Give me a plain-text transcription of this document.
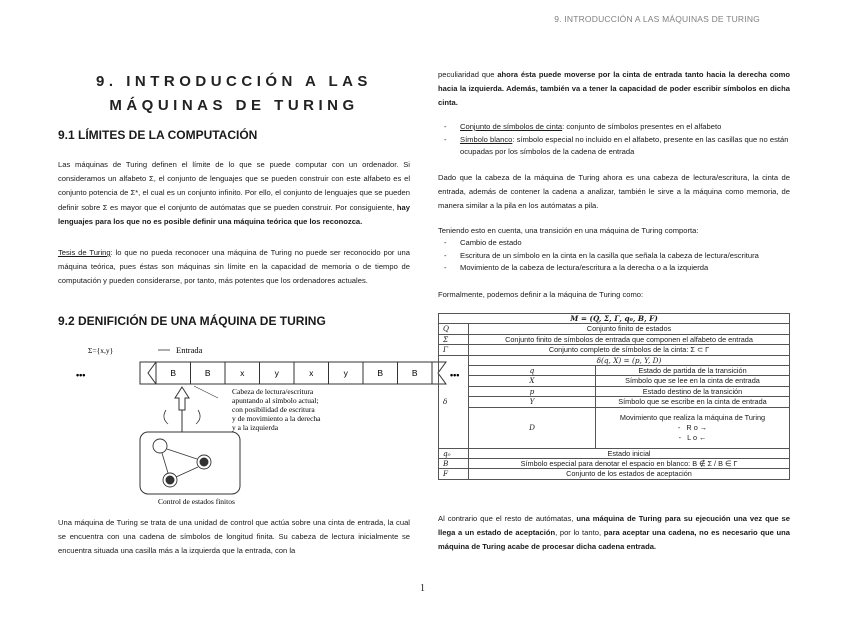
9. INTRODUCCIÓN A LAS MÁQUINAS DE TURING
9. INTRODUCCIÓN A LAS
MÁQUINAS DE TURING
9.1 LÍMITES DE LA COMPUTACIÓN
Las máquinas de Turing definen el límite de lo que se puede computar con un ordenador. Si consideramos un alfabeto Σ, el conjunto de lenguajes que se pueden construir con este alfabeto es el conjunto potencia de Σ*, el cual es un conjunto infinito. Por ello, el conjunto de lenguajes que se pueden definir sobre Σ es mayor que el conjunto de autómatas que se pueden construir. Por consiguiente, hay lenguajes para los que no es posible definir una máquina teórica que los reconozca.
Tesis de Turing: lo que no pueda reconocer una máquina de Turing no puede ser reconocido por una máquina teórica, pues éstas son máquinas sin límite en la capacidad de memoria o de tiempo de computación y pueden considerarse, por tanto, más potentes que los ordenadores actuales.
9.2 DENIFICIÓN DE UNA MÁQUINA DE TURING
Σ={x,y}	Entrada
B	B	x	y	x	y	B	B
•••	•••
Control de estados finitos
Cabeza de lectura/escritura apuntando al símbolo actual; con posibilidad de escritura y de movimiento a la derecha y a la izquierda
Una máquina de Turing se trata de una unidad de control que actúa sobre una cinta de entrada, la cual se encuentra con una cadena de símbolos de longitud finita. Su cabeza de lectura inicialmente se encuentra situada una casilla más a la izquierda que la entrada, con la
peculiaridad que ahora ésta puede moverse por la cinta de entrada tanto hacia la derecha como hacia la izquierda. Además, también va a tener la capacidad de poder escribir símbolos en dicha cinta.
- Conjunto de símbolos de cinta: conjunto de símbolos presentes en el alfabeto
- Símbolo blanco: símbolo especial no incluido en el alfabeto, presente en las casillas que no están ocupadas por los símbolos de la cadena de entrada
Dado que la cabeza de la máquina de Turing ahora es una cabeza de lectura/escritura, la cinta de entrada, además de contener la cadena a analizar, también le sirve a la máquina como memoria, de manera similar a la pila en los autómatas a pila.
Teniendo esto en cuenta, una transición en una máquina de Turing comporta:
- Cambio de estado
- Escritura de un símbolo en la cinta en la casilla que señala la cabeza de lectura/escritura
- Movimiento de la cabeza de lectura/escritura a la derecha o a la izquierda
Formalmente, podemos definir a la máquina de Turing como:
M = (Q, Σ, Γ, q₀, B, F)		
Q	Conjunto finito de estados	
Σ	Conjunto finito de símbolos de entrada que componen el alfabeto de entrada	
Γ	Conjunto completo de símbolos de la cinta: Σ ⊂ Γ	
δ	δ(q, X) = (p, Y, D)	
	q	Estado de partida de la transición
	X	Símbolo que se lee en la cinta de entrada
	p	Estado destino de la transición
	Y	Símbolo que se escribe en la cinta de entrada
	D	Movimiento que realiza la máquina de Turing
- R o →
- L o ←

q₀	Estado inicial	
B	Símbolo especial para denotar el espacio en blanco: B ∉ Σ / B ∈ Γ	
F	Conjunto de los estados de aceptación	
Al contrario que el resto de autómatas, una máquina de Turing para su ejecución una vez que se llega a un estado de aceptación, por lo tanto, para aceptar una cadena, no es necesario que una máquina de Turing acabe de procesar dicha cadena entrada.
1
